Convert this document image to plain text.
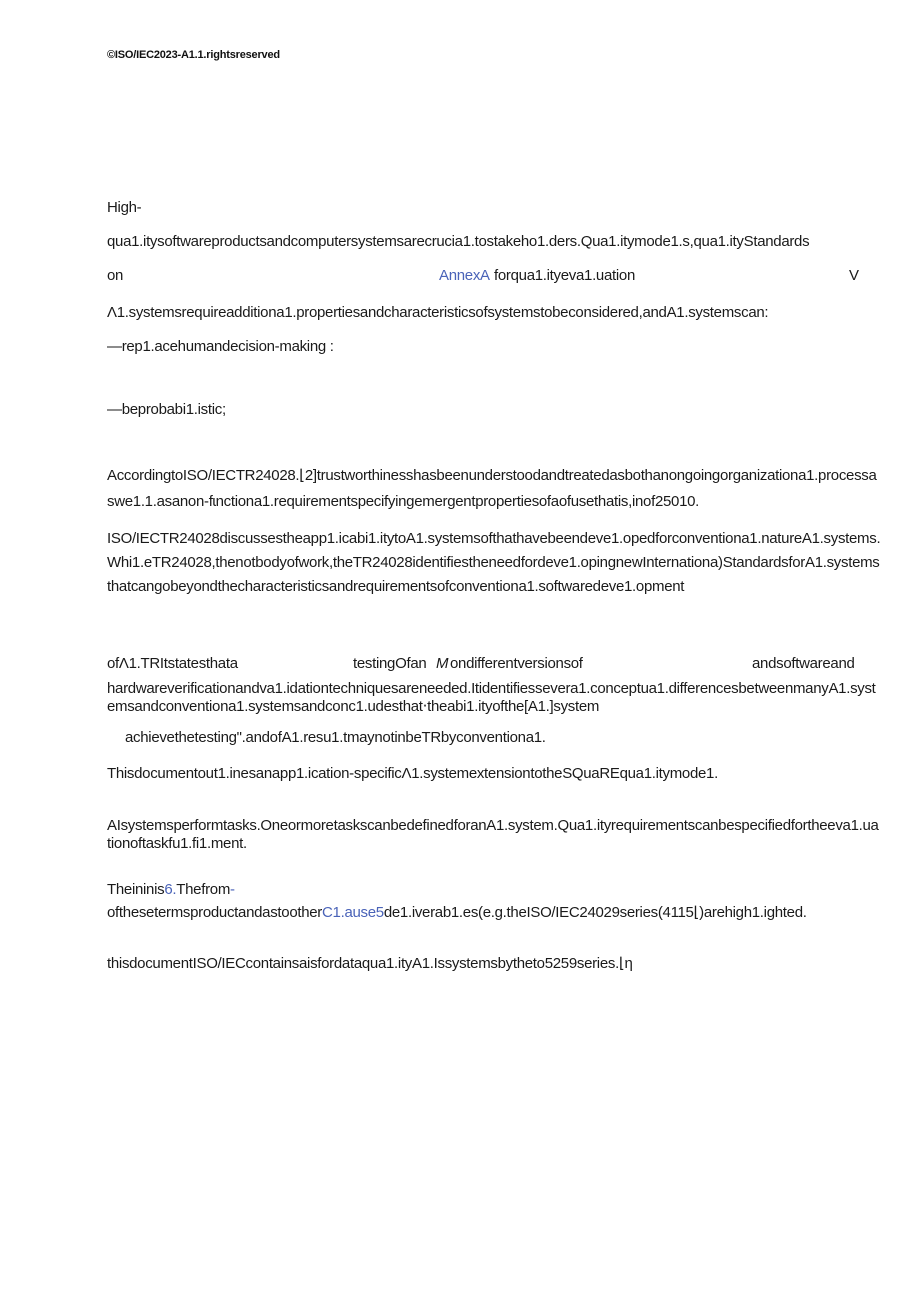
©ISO/IEC2023-A1.1.rightsreserved
High-
qua1.itysoftwareproductsandcomputersystemsarecrucia1.tostakeho1.ders.Qua1.itymode1.s,qua1.ityStandards
on	AnnexA forqua1.ityeva1.uation	V
Λ1.systemsrequireadditiona1.propertiesandcharacteristicsofsystemstobeconsidered,andA1.systemscan:
—rep1.acehumandecision-making :
—beprobabi1.istic;
AccordingtoISO/IECTR24028.⌊2]trustworthinesshasbeenunderstoodandtreatedasbothanongoingorganizationa1.processaswe1.1.asanon-fɩnctiona1.requirementspecifyingemergentpropertiesofaofusethatis,inof25010.
ISO/IECTR24028discussestheapp1.icabi1.itytoA1.systemsofthathavebeendeve1.opedforconventiona1.natureA1.systems.Whi1.eTR24028,thenotbodyofwork,theTR24028identifiestheneedfordeve1.opingnewInternationa)StandardsforA1.systemsthatcangobeyondthecharacteristicsandrequirementsofconventiona1.softwaredeve1.opment
ofΛ1.TRItstatesthata	testingOfan M ondifferentversionsof	andsoftwareand
hardwareverificationandva1.idationtechniquesareneeded.Itidentifiesseverа1.conceptua1.differencesbetweenmanyA1.systemsandconventiona1.systemsandconc1.udesthat‧theabi1.ityofthe[A1.]system
achievethetesting".andofA1.resu1.tmaynotinbeTRbyconventiona1.
Thisdocumentout1.inesanapp1.ication-specificΛ1.systemextensiontotheSQuaREqua1.itymode1.
AIsystemsperformtasks.OneormoretaskscanbedefinedforanA1.system.Qua1.ityrequirementscanbespecifiedfortheeva1.uationoftaskfu1.fi1.ment.
Theininis6.Thefrom-
ofthesetermsproductandastootherC1.ause5de1.iverab1.es(e.g.theISO/IEC24029series(4115⌊)arehigh1.ighted.
thisdocumentISO/IECcontainsaisfordataqua1.ityA1.Issystemsbythetо5259series.⌊η
